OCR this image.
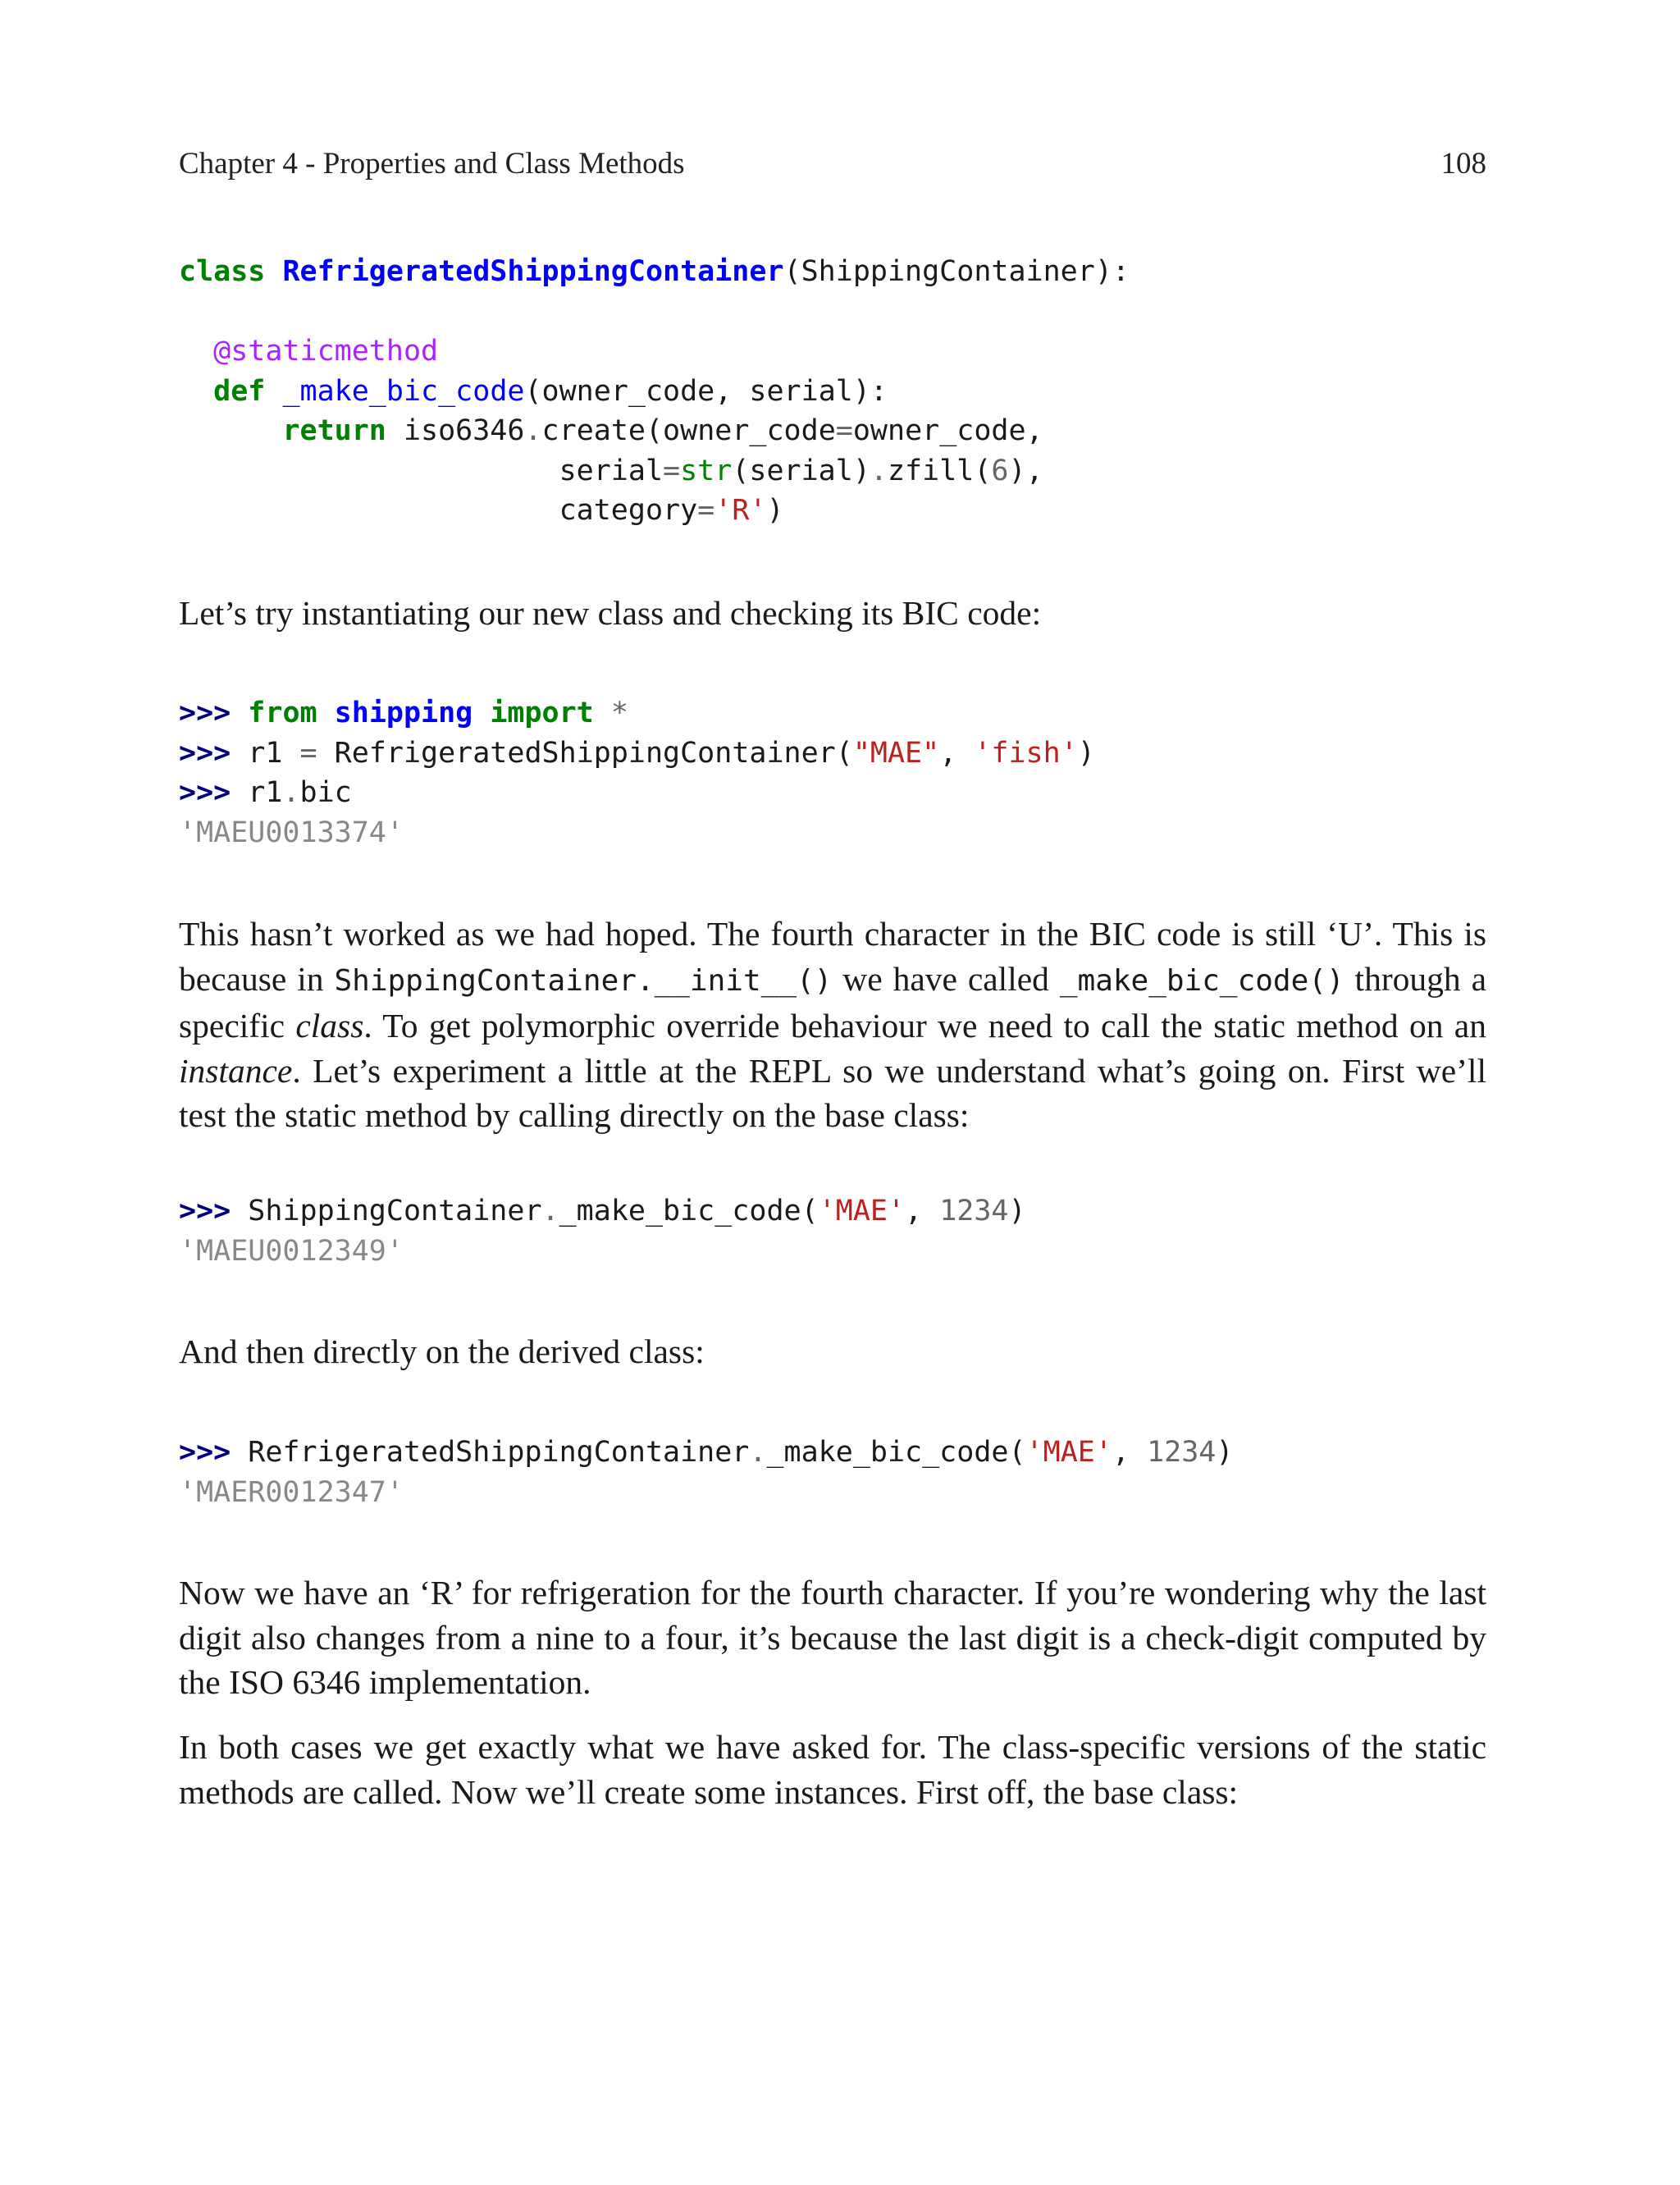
Chapter 4 - Properties and Class Methods	108
class RefrigeratedShippingContainer(ShippingContainer):

@staticmethod
def _make_bic_code(owner_code, serial):
return iso6346.create(owner_code=owner_code,
serial=str(serial).zfill(6),
category='R')

Let’s try instantiating our new class and checking its BIC code:

>>> from shipping import *
>>> r1 = RefrigeratedShippingContainer("MAE", 'fish')
>>> r1.bic
'MAEU0013374'

This hasn’t worked as we had hoped. The fourth character in the BIC code is still ‘U’. This is because in ShippingContainer.__init__() we have called _make_bic_code() through a specific class. To get polymorphic override behaviour we need to call the static method on an instance. Let’s experiment a little at the REPL so we understand what’s going on. First we’ll test the static method by calling directly on the base class:

>>> ShippingContainer._make_bic_code('MAE', 1234)
'MAEU0012349'

And then directly on the derived class:

>>> RefrigeratedShippingContainer._make_bic_code('MAE', 1234)
'MAER0012347'

Now we have an ‘R’ for refrigeration for the fourth character. If you’re wondering why the last digit also changes from a nine to a four, it’s because the last digit is a check-digit computed by the ISO 6346 implementation.

In both cases we get exactly what we have asked for. The class-specific versions of the static methods are called. Now we’ll create some instances. First off, the base class:
